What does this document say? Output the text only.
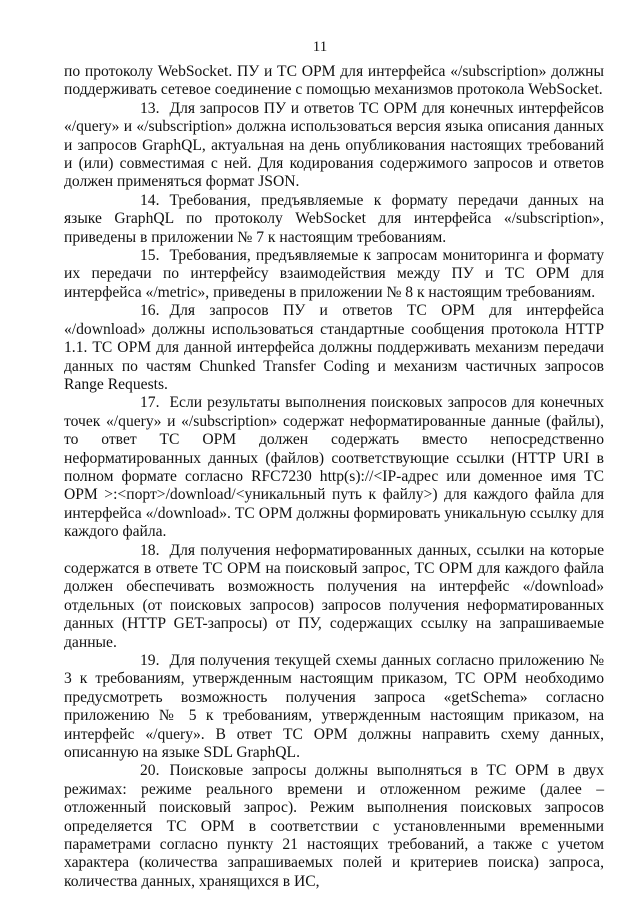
11

по протоколу WebSocket. ПУ и ТС ОРМ для интерфейса «/subscription» должны поддерживать сетевое соединение с помощью механизмов протокола WebSocket.

13. Для запросов ПУ и ответов ТС ОРМ для конечных интерфейсов «/query» и «/subscription» должна использоваться версия языка описания данных и запросов GraphQL, актуальная на день опубликования настоящих требований и (или) совместимая с ней. Для кодирования содержимого запросов и ответов должен применяться формат JSON.

14. Требования, предъявляемые к формату передачи данных на языке GraphQL по протоколу WebSocket для интерфейса «/subscription», приведены в приложении № 7 к настоящим требованиям.

15. Требования, предъявляемые к запросам мониторинга и формату их передачи по интерфейсу взаимодействия между ПУ и ТС ОРМ для интерфейса «/metric», приведены в приложении № 8 к настоящим требованиям.

16. Для запросов ПУ и ответов ТС ОРМ для интерфейса «/download» должны использоваться стандартные сообщения протокола HTTP 1.1. ТС ОРМ для данной интерфейса должны поддерживать механизм передачи данных по частям Chunked Transfer Coding и механизм частичных запросов Range Requests.

17. Если результаты выполнения поисковых запросов для конечных точек «/query» и «/subscription» содержат неформатированные данные (файлы), то ответ ТС ОРМ должен содержать вместо непосредственно неформатированных данных (файлов) соответствующие ссылки (HTTP URI в полном формате согласно RFC7230 http(s)://<IP-адрес или доменное имя ТС ОРМ >:<порт>/download/<уникальный путь к файлу>) для каждого файла для интерфейса «/download». ТС ОРМ должны формировать уникальную ссылку для каждого файла.

18. Для получения неформатированных данных, ссылки на которые содержатся в ответе ТС ОРМ на поисковый запрос, ТС ОРМ для каждого файла должен обеспечивать возможность получения на интерфейс «/download» отдельных (от поисковых запросов) запросов получения неформатированных данных (HTTP GET-запросы) от ПУ, содержащих ссылку на запрашиваемые данные.

19. Для получения текущей схемы данных согласно приложению № 3 к требованиям, утвержденным настоящим приказом, ТС ОРМ необходимо предусмотреть возможность получения запроса «getSchema» согласно приложению № 5 к требованиям, утвержденным настоящим приказом, на интерфейс «/query». В ответ ТС ОРМ должны направить схему данных, описанную на языке SDL GraphQL.

20. Поисковые запросы должны выполняться в ТС ОРМ в двух режимах: режиме реального времени и отложенном режиме (далее – отложенный поисковый запрос). Режим выполнения поисковых запросов определяется ТС ОРМ в соответствии с установленными временными параметрами согласно пункту 21 настоящих требований, а также с учетом характера (количества запрашиваемых полей и критериев поиска) запроса, количества данных, хранящихся в ИС,
